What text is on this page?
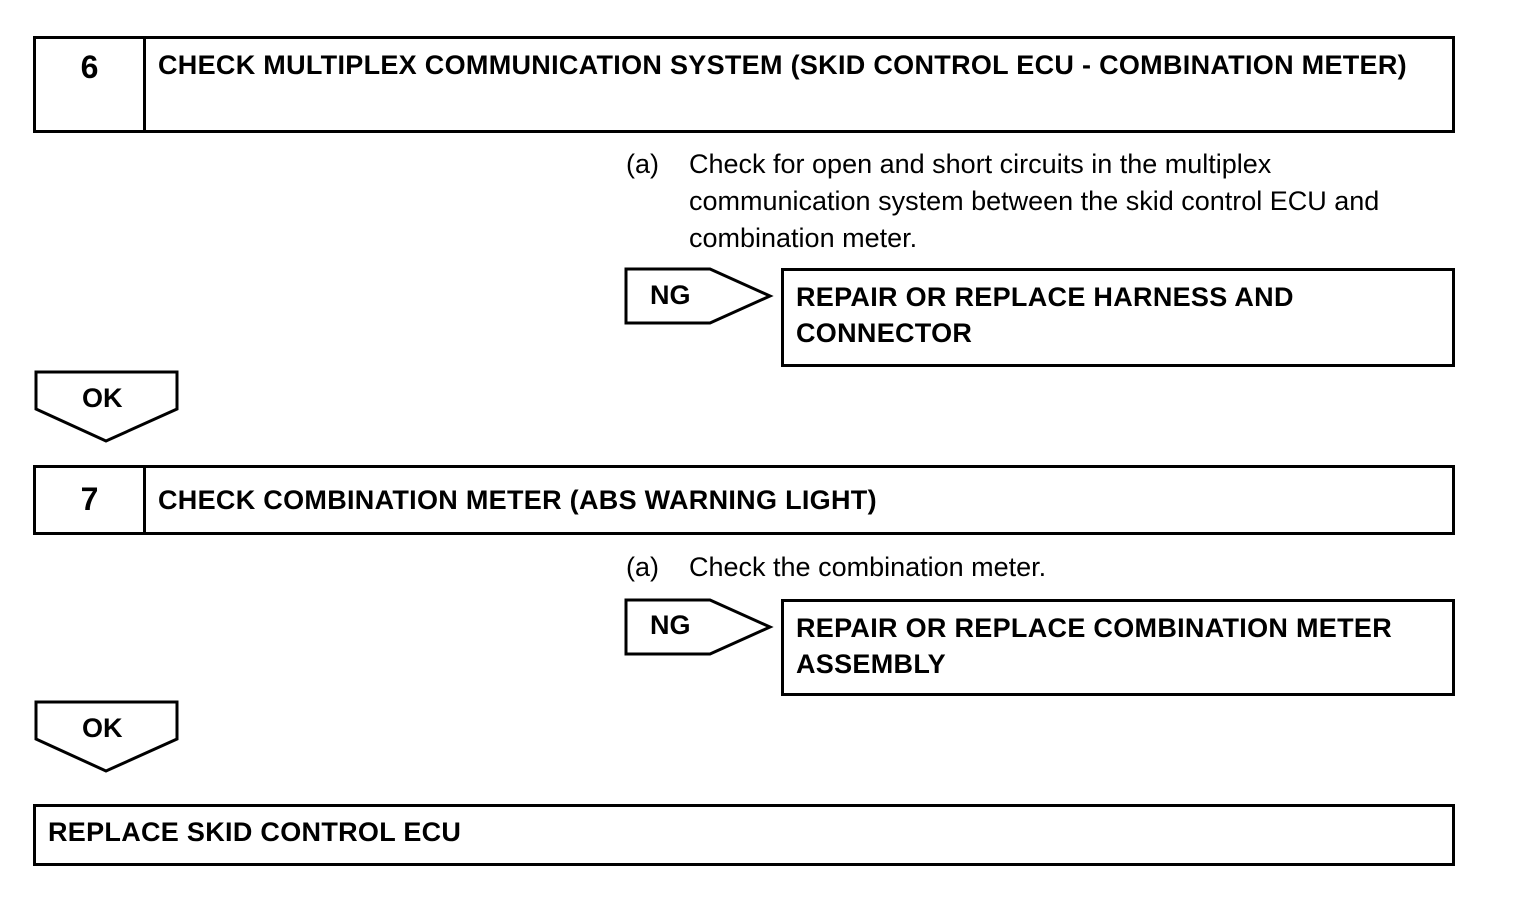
6	CHECK MULTIPLEX COMMUNICATION SYSTEM (SKID CONTROL ECU - COMBINATION METER)
(a) Check for open and short circuits in the multiplex communication system between the skid control ECU and combination meter.
NG	REPAIR OR REPLACE HARNESS AND CONNECTOR
OK
7	CHECK COMBINATION METER (ABS WARNING LIGHT)
(a) Check the combination meter.
NG	REPAIR OR REPLACE COMBINATION METER ASSEMBLY
OK
REPLACE SKID CONTROL ECU
